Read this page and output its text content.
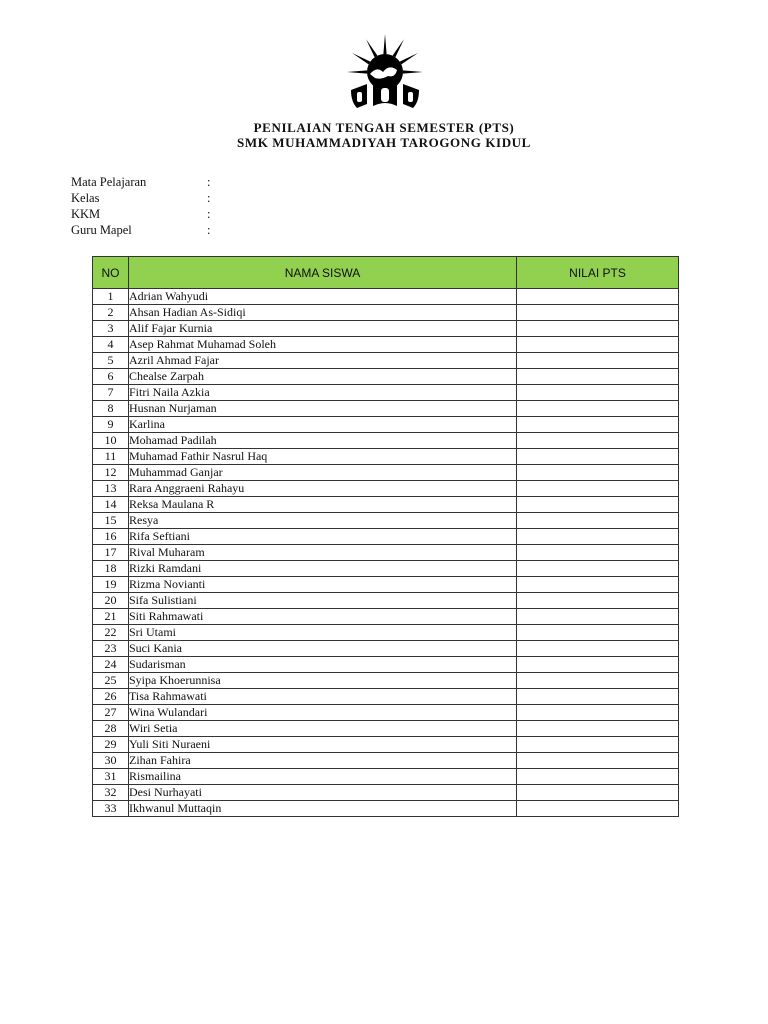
PENILAIAN TENGAH SEMESTER (PTS)
SMK MUHAMMADIYAH TAROGONG KIDUL
Mata Pelajaran	:
Kelas	:
KKM	:
Guru Mapel	:
NO	NAMA SISWA	NILAI PTS
1	Adrian Wahyudi	
2	Ahsan Hadian As-Sidiqi	
3	Alif Fajar Kurnia	
4	Asep Rahmat Muhamad Soleh	
5	Azril Ahmad Fajar	
6	Chealse Zarpah	
7	Fitri Naila Azkia	
8	Husnan Nurjaman	
9	Karlina	
10	Mohamad Padilah	
11	Muhamad Fathir Nasrul Haq	
12	Muhammad Ganjar	
13	Rara Anggraeni Rahayu	
14	Reksa Maulana R	
15	Resya	
16	Rifa Seftiani	
17	Rival Muharam	
18	Rizki Ramdani	
19	Rizma Novianti	
20	Sifa Sulistiani	
21	Siti Rahmawati	
22	Sri Utami	
23	Suci Kania	
24	Sudarisman	
25	Syipa Khoerunnisa	
26	Tisa Rahmawati	
27	Wina Wulandari	
28	Wiri Setia	
29	Yuli Siti Nuraeni	
30	Zihan Fahira	
31	Rismailina	
32	Desi Nurhayati	
33	Ikhwanul Muttaqin	
